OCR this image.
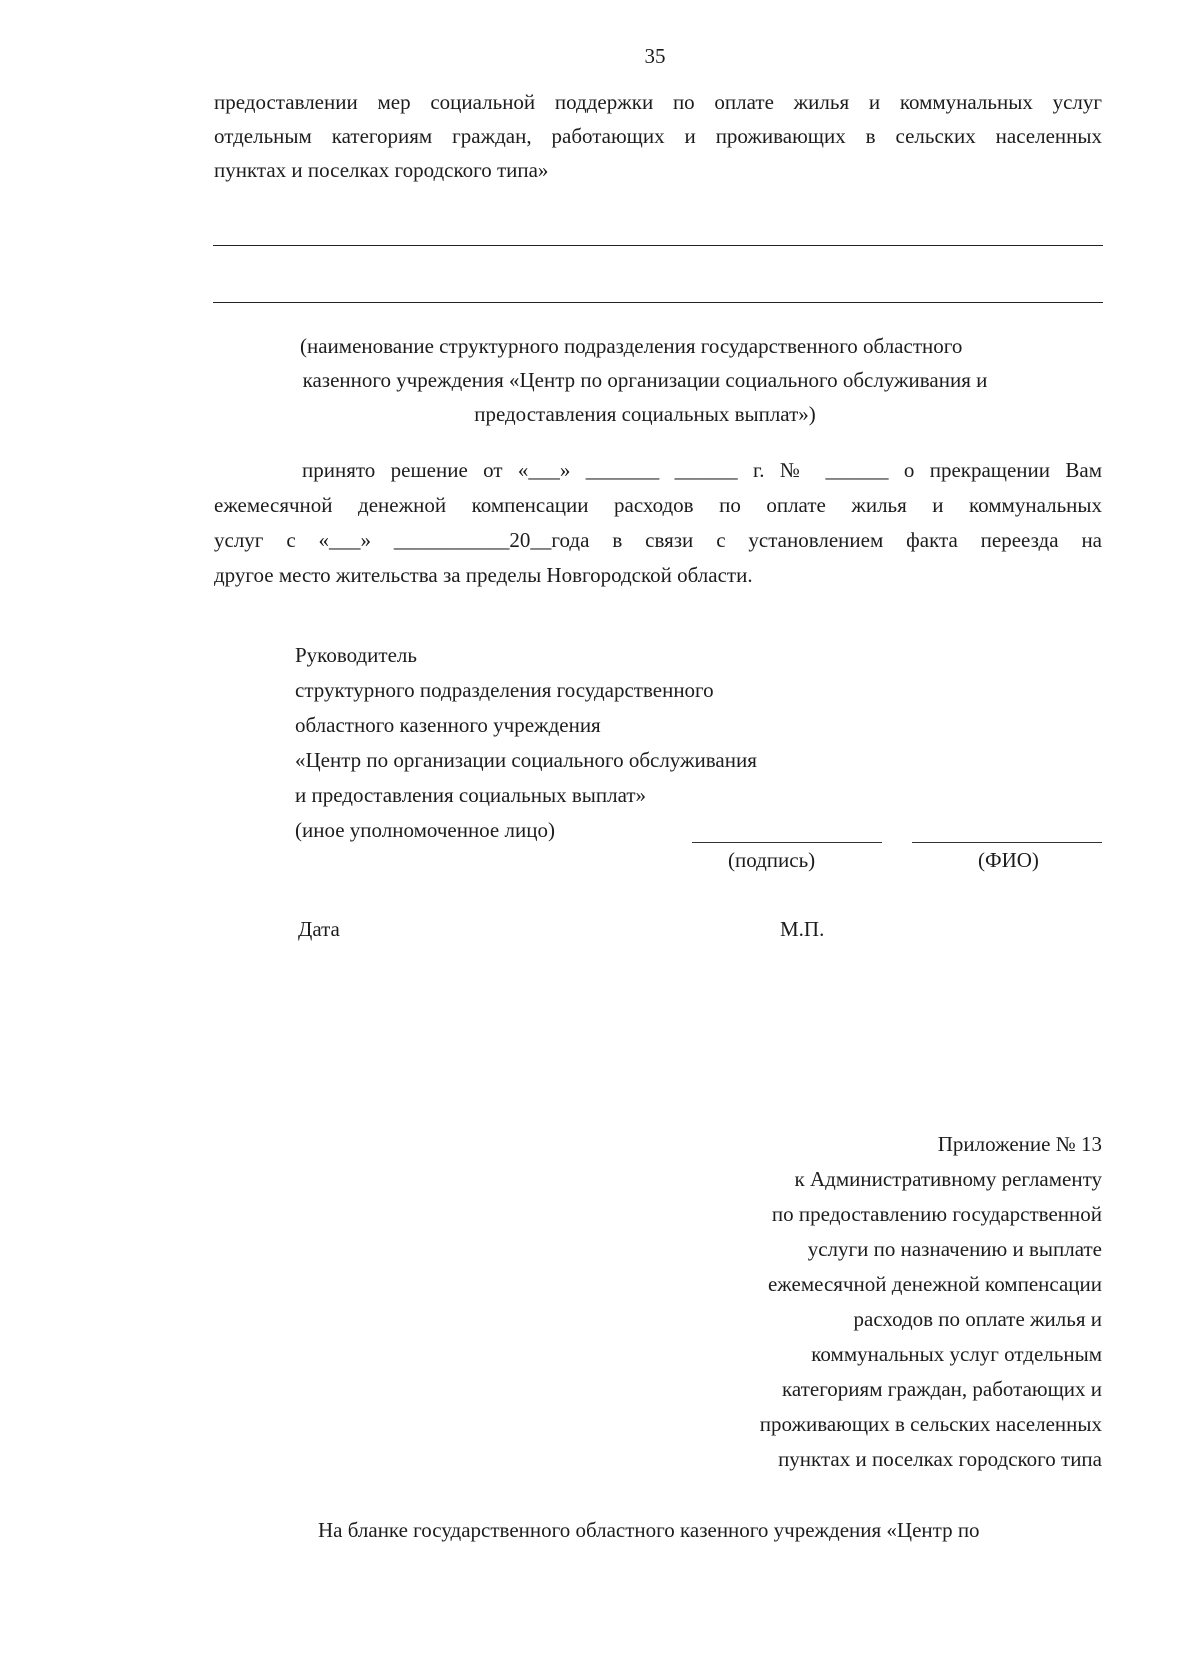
35
предоставлении мер социальной поддержки по оплате жилья и коммунальных услуг
отдельным категориям граждан, работающих и проживающих в сельских населенных
пунктах и поселках городского типа»
(наименование структурного подразделения государственного областного
казенного учреждения «Центр по организации социального обслуживания и
предоставления социальных выплат»)
принято решение от «___» _______ ______ г. № ______ о прекращении Вам
ежемесячной денежной компенсации расходов по оплате жилья и коммунальных
услуг с «___» ___________20__года в связи с установлением факта переезда на
другое место жительства за пределы Новгородской области.
Руководитель
структурного подразделения государственного
областного казенного учреждения
«Центр по организации социального обслуживания
и предоставления социальных выплат»
(иное уполномоченное лицо)
(подпись)	(ФИО)
Дата	М.П.
Приложение № 13
к Административному регламенту
по предоставлению государственной
услуги по назначению и выплате
ежемесячной денежной компенсации
расходов по оплате жилья и
коммунальных услуг отдельным
категориям граждан, работающих и
проживающих в сельских населенных
пунктах и поселках городского типа
На бланке государственного областного казенного учреждения «Центр по
